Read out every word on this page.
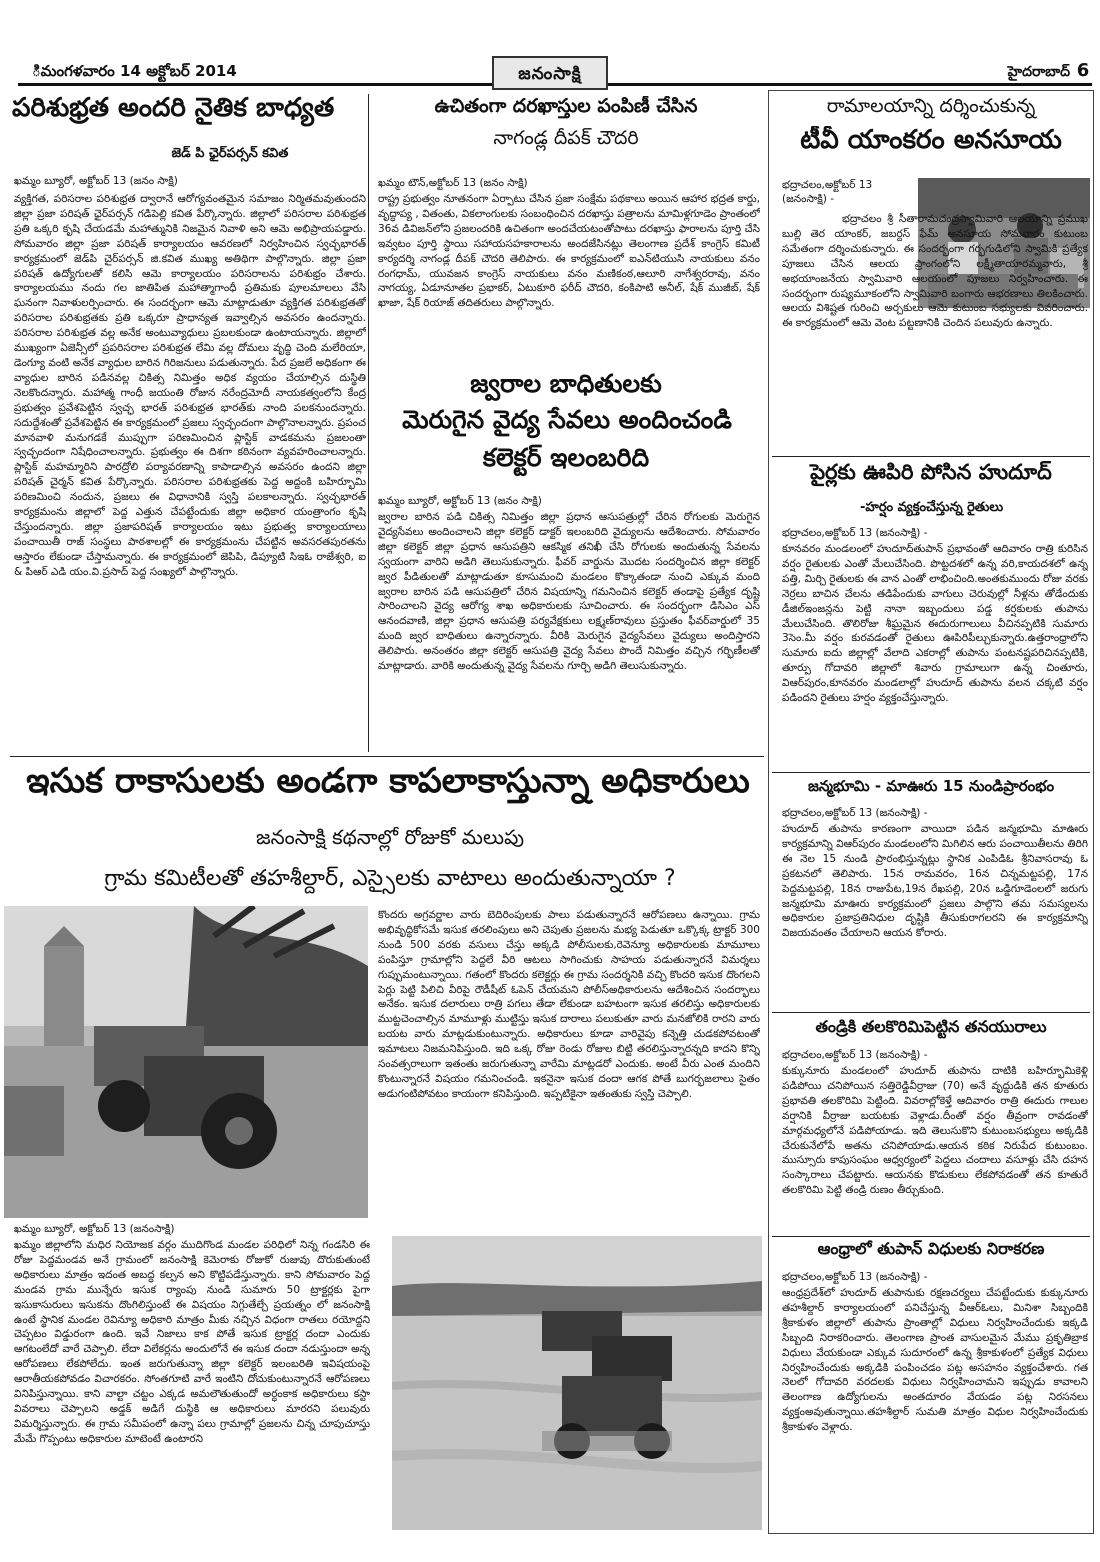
ిమంగళవారం 14 అక్టోబర్ 2014	జనంసాక్షి	హైదరాబాద్ 6
పరిశుభ్రత అందరి నైతిక బాధ్యత
జెడ్ పి ఛైర్‌పర్సన్ కవిత
ఖమ్మం బ్యూరో, అక్టోబర్ 13 (జనం సాక్షి)
వ్యక్తిగత, పరిసరాల పరిశుభ్రత ద్వారానే ఆరోగ్యవంతమైన సమాజం నిర్మితమవుతుందని జిల్లా ప్రజా పరిషత్ ఛైర్‌పర్సన్ గడిపెల్లి కవిత పేర్కొన్నారు. జిల్లాలో పరిసరాల పరిశుభ్రత ప్రతి ఒక్కరి కృషి చేయడమే మహాత్మునికి నిజమైన నివాళి అని ఆమె అభిప్రాయపడ్డారు. సోమవారం జిల్లా ప్రజా పరిషత్ కార్యాలయం ఆవరణలో నిర్వహించిన స్వచ్ఛభారత్ కార్యక్రమంలో జెడ్‌పి చైర్‌పర్సన్ జి.కవిత ముఖ్య అతిథిగా పాల్గొన్నారు. జిల్లా ప్రజా పరిషత్ ఉద్యోగులతో కలిసి ఆమె కార్యాలయం పరిసరాలను పరిశుభ్రం చేశారు. కార్యాలయము నందు గల జాతిపిత మహాత్మాగాంధీ ప్రతిమకు పూలమాలలు వేసి ఘనంగా నివాళులర్పించారు. ఈ సందర్భంగా ఆమె మాట్లాడుతూ వ్యక్తిగత పరిశుభ్రతతో పరిసరాల పరిశుభ్రతకు ప్రతి ఒక్కరూ ప్రాధాన్యత ఇవ్వాల్సిన అవసరం ఉందన్నారు. పరిసరాల పరిశుభ్రత వల్ల అనేక అంటువ్యాధులు ప్రబలకుండా ఉంటాయన్నారు. జిల్లాలో ముఖ్యంగా ఏజెన్సీలో ప్రపరిసరాల పరిశుభ్రత లేమి వల్ల దోమలు వృద్ధి చెంది మలేరియా, డెంగ్యూ వంటి అనేక వ్యాధుల బారిన గిరిజనులు పడుతున్నారు. పేద ప్రజలే అధికంగా ఈ వ్యాధుల బారిన పడినవల్ల చికిత్స నిమిత్తం అధిక వ్యయం చేయాల్సిన దుస్థితి నెలకొందన్నారు. మహాత్మ గాంధీ జయంతి రోజున నరేంద్రమోదీ నాయకత్వంలోని కేంద్ర ప్రభుత్వం ప్రవేశపెట్టిన స్వచ్ఛ భారత్ పరిశుభ్రత భారత్‌కు నాంది పలకనుందన్నారు. సదుద్దేశంతో ప్రవేశపెట్టిన ఈ కార్యక్రమంలో ప్రజలు స్వచ్ఛందంగా పాల్గొనాలన్నారు. ప్రపంచ మానవాళి మనుగడకే ముప్పుగా పరిణమించిన ప్లాస్టిక్ వాడకమను ప్రజలంతా స్వచ్ఛందంగా నిషేధించాలన్నారు. ప్రభుత్వం ఈ దిశగా కఠినంగా వ్యవహరించాలన్నారు. ప్లాస్టిక్ మహమ్మారిని పారద్రోలి పర్యావరణాన్ని కాపాడాల్సిన అవసరం ఉందని జిల్లా పరిషత్ చైర్మన్ కవిత పేర్కొన్నారు. పరిసరాల పరిశుభ్రతకు పెద్ద అద్దంకి బహిర్భూమి పరిణమించి నందున, ప్రజలు ఈ విధానానికి స్వస్తి పలకాలన్నారు. స్వచ్ఛభారత్ కార్యక్రమంను జిల్లాలో పెద్ద ఎత్తున చేపట్టేందుకు జిల్లా అధికార యంత్రాంగం కృషి చేస్తుందన్నారు. జిల్లా ప్రజాపరిషత్ కార్యాలయం ఇటు ప్రభుత్వ కార్యాలయాలు పంచాయితీ రాజ్ సంస్థలు పాఠశాలల్లో ఈ కార్యక్రమంను చేపట్టిన అవసరతపురతను ఆస్తారం లేకుండా చేస్తామన్నారు. ఈ కార్యక్రమంలో జెపిపి, డిప్యూటి సిఇఓ రాజేశ్వరి, ఐ & పిఆర్ ఎడి యం.వి.ప్రసాద్ పెద్ద సంఖ్యలో పాల్గొన్నారు.
ఉచితంగా దరఖాస్తుల పంపిణీ చేసిన
నాగండ్ల దీపక్ చౌదరి
ఖమ్మం టౌన్,అక్టోబర్ 13 (జనం సాక్షి)
రాష్ట్ర ప్రభుత్వం నూతనంగా ఏర్పాటు చేసిన ప్రజా సంక్షేమ పథకాలు అయిన ఆహార భద్రత కార్డు, వృద్ధాప్య , వితంతు, వికలాంగులకు సంబంధించిన దరఖాస్తు పత్రాలను మామిళ్లగూడెం ప్రాంతంలో 36వ డివిజన్‌లోని ప్రజలందరికి ఉచితంగా అందచేయటంతోపాటు దరఖాస్తు ఫారాలను పూర్తి చేసి ఇవ్వటం పూర్తి స్థాయి సహాయసహకారాలను అందజేసినట్లు తెలంగాణ ప్రదేశ్ కాంగ్రెస్ కమిటీ కార్యదర్శి నాగండ్ల దీపక్ చౌదరి తెలిపారు. ఈ కార్యక్రమంలో ఐఎన్‌టియుసి నాయకులు వనం రంగధామ్, యువజన కాంగ్రెస్ నాయకులు వనం మణికంఠ,ఆలూరి నాగేశ్వరరావు, వనం నాగయ్య, ఏడూనూతల ప్రభాకర్, ఏటుకూరి ఫరీద్ చౌదరి, కంకిపాటి అనీల్, షేక్ ముజీబ్, షేక్ ఖాజా, షేక్ రియాజ్ తదితరులు పాల్గొన్నారు.
జ్వరాల బాధితులకు
మెరుగైన వైద్య సేవలు అందించండి
కలెక్టర్ ఇలంబరిది
ఖమ్మం బ్యూరో, అక్టోబర్ 13 (జనం సాక్షి)
జ్వరాల బారిన పడి చికిత్స నిమిత్తం జిల్లా ప్రధాన ఆసుపత్రుల్లో చేరిన రోగులకు మెరుగైన వైద్యసేవలు అందించాలని జిల్లా కలెక్టర్ డాక్టర్ ఇలంబరిది వైద్యులను ఆదేశించారు. సోమవారం జిల్లా కలెక్టర్ జిల్లా ప్రధాన ఆసుపత్రిని ఆకస్మిక తనిఖీ చేసి రోగులకు అందుతున్న సేవలను స్వయంగా వారిని అడిగి తెలుసుకున్నారు. ఫీవర్ వార్డును మొదట సందర్శించిన జిల్లా కలెక్టర్ జ్వర పీడితులతో మాట్లాడుతూ కూసుమంచి మండలం కొక్కాతండా నుంచి ఎక్కువ మంది జ్వరాల బారిన పడి ఆసుపత్రిలో చేరిన విషయాన్ని గమనించిన కలెక్టర్ తండాపై ప్రత్యేక దృష్టి సారించాలని వైద్య ఆరోగ్య శాఖ అధికారులకు సూచించారు. ఈ సందర్భంగా డిసిఎం ఎస్ ఆనందవాణి, జిల్లా ప్రధాన ఆసుపత్రి పర్యవేక్షకులు లక్ష్మణ్‌రావులు ప్రస్తుతం ఫీవర్‌వార్డులో 35 మంది జ్వర బాధితులు ఉన్నారన్నారు. వీరికి మెరుగైన వైద్యసేవలు వైద్యులు అందిస్తారని తెలిపారు. అనంతరం జిల్లా కలెక్టర్ ఆసుపత్రి వైద్య సేవలు పొందే నిమిత్తం వచ్చిన గర్భిణీలతో మాట్లాడారు. వారికి అందుతున్న వైద్య సేవలను గూర్చి అడిగి తెలుసుకున్నారు.
రామాలయాన్ని దర్శించుకున్న
టీవీ యాంకరం అనసూయ
భద్రాచలం,అక్టోబర్ 13 (జనంసాక్షి) -
భద్రాచలం శ్రీ సీతారామచంద్రస్వామివారి ఆలయాన్ని ప్రముఖ బుల్లి తెర యాంకర్, జబర్దస్ ఫేమ్ అనసూయ సోమవారం కుటుంబ సమేతంగా దర్శించుకున్నారు. ఈ సందర్భంగా గర్భగుడిలోని స్వామికి ప్రత్యేక పూజలు చేసిన ఆలయ ప్రాంగంలోని లక్ష్మీతాయారమ్మవారు, శ్రీ అభయాంజనేయ స్వామివారి ఆలయంలో పూజలు నిర్వహించారు. ఈ సందర్భంగా రుష్యమూకంలోని స్వామివారి బంగారు ఆభరణాలు తిలకించారు. ఆలయ విశిష్టత గురించి అర్చకులు ఆమె కుటుంబ సభ్యులకు వివరించారు. ఈ కార్యక్రమంలో ఆమె వెంట పట్టణానికి చెందిన పలువురు ఉన్నారు.
పైర్లకు ఊపిరి పోసిన హుదూద్
-హర్షం వ్యక్తంచేస్తున్న రైతులు
భద్రాచలం,అక్టోబర్ 13 (జనంసాక్షి) -
కూనవరం మండలంలో హుదూద్‌తుపాన్ ప్రభావంతో ఆదివారం రాత్రి కురిసిన వర్షం రైతులకు ఎంతో మేలుచేసింది. పొట్టదశలో ఉన్న వరి,కాయదశలో ఉన్న పత్తి, మిర్చి రైతులకు ఈ వాన ఎంతో లాభించింది.అంతకుముందు రోజు వరకు నెర్రలు బాచిన చేలను తడిపేందుకు వాగులు చెరువుల్లో నీళ్లను తోడేందుకు డీజిల్‌ఇంజన్లను పెట్టి నానా ఇబ్బందులు పడ్డ కర్షకులకు తుపాను మేలుచేసింది. తొలిరోజు శీఘ్రమైన ఈదురుగాలులు వీచినప్పటికి సుమారు 3సెం.మీ వర్షం కురవడంతో రైతులు ఊపిరిపీల్చుకున్నారు.ఉత్తరాంధ్రాలోని సుమారు ఐదు జిల్లాల్లో వేలాది ఎకరాల్లో తుపాను పంటనష్టపరిచినప్పటికి, తూర్పు గోదావరి జిల్లాలో శివారు గ్రామాలుగా ఉన్న చింతూరు, విఆర్‌పురం,కూనవరం మండలాల్లో హుదూద్ తుపాను వలన చక్కటి వర్షం పడిందని రైతులు హర్షం వ్యక్తంచేస్తున్నారు.
జన్మభూమి - మాఊరు 15 నుండిప్రారంభం
భద్రాచలం,అక్టోబర్ 13 (జనంసాక్షి) -
హుదూద్ తుపాను కారణంగా వాయిదా పడిన జన్మభూమి మాఊరు కార్యక్రమాన్ని విఆర్‌పురం మండలంలోని మిగిలిన ఆరు పంచాయితీలను తిరిగి ఈ నెల 15 నుండి ప్రారంభిస్తున్నట్లు స్థానిక ఎంపిడిఓ శ్రీనివాసరావు ఓ ప్రకటనలో తెలిపారు. 15న రామవరం, 16న చిన్నమట్టపల్లి, 17న పెద్దమట్టపల్లి, 18న రాజుపేట,19న రేఖపల్లి, 20న ఒడ్డిగూడెంలలో జరుగు జన్మభూమి మాఊరు కార్యక్రమంలో ప్రజలు పాల్గొని తమ సమస్యలను అధికారుల ప్రజాప్రతినిధుల దృష్టికి తీసుకురాగలరని ఈ కార్యక్రమాన్ని విజయవంతం చేయాలని ఆయన కోరారు.
తండ్రికి తలకొరిమిపెట్టిన తనయురాలు
భద్రాచలం,అక్టోబర్ 13 (జనంసాక్షి) -
కుక్కునూరు మండలంలో హుదూద్ తుపాను దాటికి బహిర్భూమికెళ్లి పడిపోయి చనిపోయిన సత్తిరెడ్డివీర్రాజు (70) అనే వృద్దుడికి తన కూతురు ప్రభావతి తలకొరిమి పెట్టింది. వివరాల్లోకెళ్తే ఆదివారం రాత్రి ఈదురు గాలుల వర్షానికి వీర్రాజు బయటకు వెళ్లాడు.దీంతో వర్షం తీవ్రంగా రావడంతో మార్గమధ్యలోనే పడిపోయాడు. ఇది తెలుసుకొని కుటుంబసభ్యులు అక్కడికి చేరుకునేలోపే అతను చనిపోయాడు.ఆయన కఠిక నిరుపేద కుటుంబం. ముస్సూరు కాపుసంఘం ఆధ్వర్యంలో పెద్దలు చందాలు వసూళ్లు చేసి దహన సంస్కారాలు చేపట్టారు. ఆయనకు కొడుకులు లేకపోవడంతో తన కూతురే తలకొరిమి పెట్టి తండ్రి రుణం తీర్చుకుంది.
ఆంధ్రాలో తుపాన్ విధులకు నిరాకరణ
భద్రాచలం,అక్టోబర్ 13 (జనంసాక్షి) -
ఆంధ్రప్రదేశ్‌లో హుదూద్ తుపానుకు రక్షణచర్యలు చేపట్టేందుకు కుక్కునూరు తహశీల్దార్ కార్యాలయంలో పనిచేస్తున్న వీఆర్‌ఓలు, మినిశా సిబ్బందికి శ్రీకాకుళం జిల్లాలో తుపాను ప్రాంతాల్లో విధులు నిర్వహించేందుకు ఇక్కడి సిబ్బంది నిరాకరించారు. తెలంగాణ ప్రాంత వాసులమైన మేము ప్రకృతిబ్రాక విధులు వేయకుండా ఎక్కువ సుదూరంలో ఉన్న శ్రీకాకుళంలో ప్రత్యేక విధులు నిర్వహించేందుకు అక్కడికి పంపించడం పట్ల అసహనం వ్యక్తంచేశారు. గత నెలలో గోదావరి వరదలకు విధులు నిర్వహించామని ఇప్పుడు కావాలని తెలంగాణ ఉద్యోగులను అంతదూరం వేయడం పట్ల నిరసనలు వ్యక్తంఅవుతున్నాయి.తహశీల్దార్ సుమతి మాత్రం విధుల నిర్వహించేందుకు శ్రీకాకుళం వెళ్లారు.
ఇసుక రాకాసులకు అండగా కాపలాకాస్తున్నా అధికారులు
జనంసాక్షి కథనాల్లో రోజుకో మలుపు
గ్రామ కమిటీలతో తహశీల్దార్, ఎస్సైలకు వాటాలు అందుతున్నాయా ?
ఖమ్మం బ్యూరో, అక్టోబర్ 13 (జనంసాక్షి)
ఖమ్మం జిల్లాలోని మధిర నియోజక వర్గం ముదిగొండ మండల పరిధిలో నిన్న గండసిరి ఈ రోజు పెద్దమండవ అనే గ్రామంలో జనంసాక్షి కెమెరాకు రోజుకో రుజువు దొరుకుతుంటే అధికారులు మాత్రం ఇదంత అబద్ధ కల్పన అని కొట్టిపడేస్తున్నారు. కాని సోమవారం పెద్ద మండవ గ్రామ మున్నేరు ఇసుక ర్యాంపు నుండి సుమారు 50 ట్రాక్టర్లకు పైగా ఇసుకాసురులు ఇసుకను దొంగిలిస్తుంటే ఈ విషయం నిగ్గుతేల్చే ప్రయత్నం లో జనంసాక్షి ఉంటే స్థానిక మండల రెవిన్యూ అధికారి మాత్రం మీకు నచ్చిన విధంగా రాతలు రయోద్దని చెప్పటం విడ్డురంగా ఉంది. ఇవే నిజాలు కాక పోతే ఇసుక ట్రాక్టర్ల దందా ఎందుకు ఆగటంలేదో వారే చెప్పాలి. లేదా విలేకర్లను అందులోనే ఈ ఇసుక దందా నడుస్తుందా అన్న ఆరోపణలు లేకపోలేదు. ఇంత జరుగుతున్నా జిల్లా కలెక్టర్ ఇలంబరితి ఇవిషయంపై ఆరాతీయకపోవడం విచారకరం. సోంతగూటి వారే ఇంటిని దోచుకుంటున్నారనే ఆరోపణలు వినిపిస్తున్నాయి. కాని వాల్టా చట్టం ఎక్కడ అమలౌతుతుందో అర్ధంకాక అధికారులు కస్టా వివరాలు చెప్పాలని అడ్డక్ అడిగే దుస్థికి ఆ అధికారులు మారరని పలువురు విమర్శిస్తున్నారు. ఈ గ్రామ సమీపంలో ఉన్నా పలు గ్రామాల్లో ప్రజలను చిన్న చూపుచూస్తు మేమే గొప్పంటు అధికారుల మాటెంటే ఉంటారని
కొందరు అగ్రవర్ణాల వారు బెదిరింపులకు పాలు పడుతున్నారనే ఆరోపణలు ఉన్నాయి. గ్రామ అభివృద్ధికోసమే ఇసుక తరలింపులు అని చెపుతు ప్రజలను మభ్య పెడుతూ ఒక్కొక్క ట్రాక్టర్ 300 నుండి 500 వరకు వసులు చేస్తు అక్కడి పోలీసులకు,రెవెన్యూ అధికారులకు మామూలు పంపిస్తూ గ్రామాల్లోని పెద్దలే వీరి ఆటలు సాగించుకు సాహయ పడుతున్నారనే విమర్శలు గుప్పుమంటున్నాయి. గతంలో కొందరు కలెక్టర్లు ఈ గ్రామ సందర్శనికి వచ్చి కొందరి ఇసుక దొంగలని పెర్లు పెట్టి పిలిచి వీరిపై రౌడీషీట్ ఓపెన్ చేయమని పోలీస్‌అధికారులను ఆదేశించిన సందర్భాలు అనేకం. ఇసుక దలారులు రాత్రి పగలు తేడా లేకుండా బహటంగా ఇసుక తరలిస్తు అధికారులకు ముట్టచెంచాల్సిన మామూళ్లు ముట్టిస్తు ఇసుక దారాలు పలుకుతూ వారు మనజోలికి రారని వారు బయట వారు మాట్లడుకుంటున్నారు. అధికారులు కూడా వారివైపు కన్నెత్తి చుడకపోవటంతో ఇమాటలు నిజమనిపిస్తుంది. ఇది ఒక్క రోజు రెండు రోజుల బిట్టి తరలిస్తున్నారన్నది కాదని కొన్ని సంవత్సరాలుగా ఇతంతు జరుగుతున్నా వారేమి మాట్లడరో ఎందుకు. అంటే వీరు ఎంత మందిని కొంటున్నారనే విషయం గమనించండి. ఇకనైనా ఇసుక దందా ఆగక పోతే బుగర్భజలాలు సైతం అడుగంటిపోవటం కాయంగా కనిపిస్తుంది. ఇప్పటికైనా ఇతంతుకు స్వస్తి చెప్పాలి.
